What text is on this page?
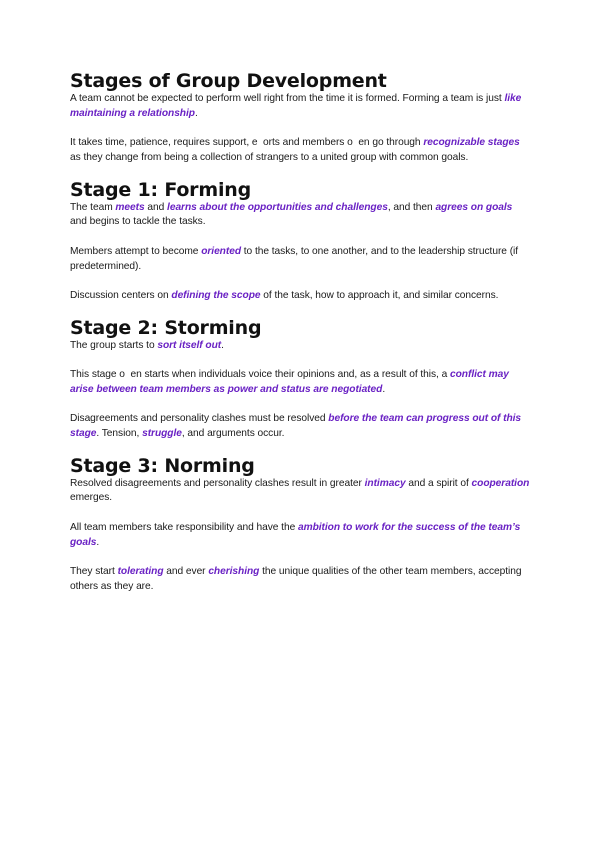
Stages of Group Development

A team cannot be expected to perform well right from the time it is formed. Forming a team is just like maintaining a relationship.

It takes time, patience, requires support, e  orts and members o  en go through recognizable stages as they change from being a collection of strangers to a united group with common goals.

Stage 1: Forming

The team meets and learns about the opportunities and challenges, and then agrees on goals and begins to tackle the tasks.

Members attempt to become oriented to the tasks, to one another, and to the leadership structure (if predetermined).

Discussion centers on defining the scope of the task, how to approach it, and similar concerns.

Stage 2: Storming

The group starts to sort itself out.

This stage o  en starts when individuals voice their opinions and, as a result of this, a conflict may arise between team members as power and status are negotiated.

Disagreements and personality clashes must be resolved before the team can progress out of this stage. Tension, struggle, and arguments occur.

Stage 3: Norming

Resolved disagreements and personality clashes result in greater intimacy and a spirit of cooperation emerges.

All team members take responsibility and have the ambition to work for the success of the team’s goals.

They start tolerating and ever cherishing the unique qualities of the other team members, accepting others as they are.
